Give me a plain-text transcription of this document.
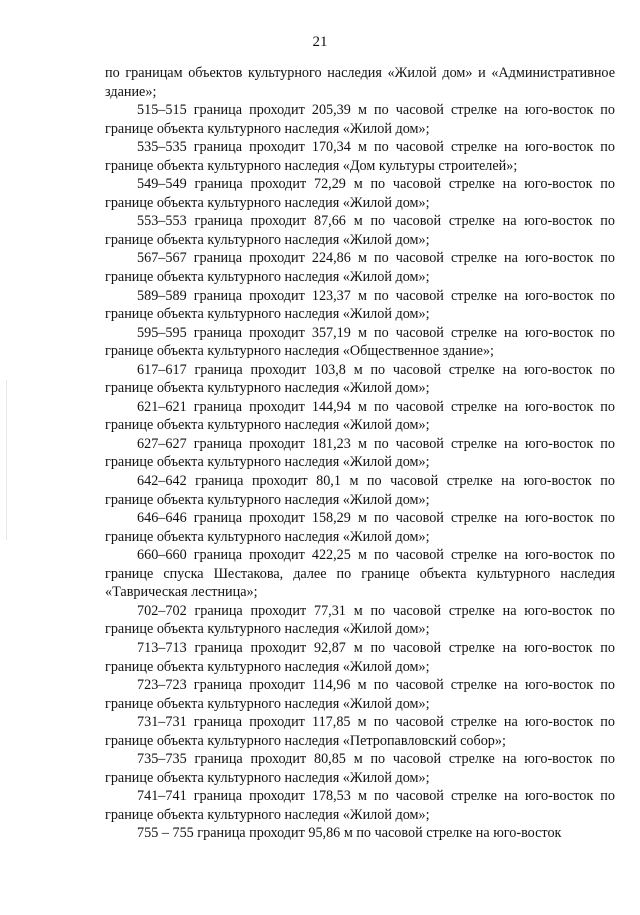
21

по границам объектов культурного наследия «Жилой дом» и «Административное здание»;

515–515 граница проходит 205,39 м по часовой стрелке на юго-восток по границе объекта культурного наследия «Жилой дом»;

535–535 граница проходит 170,34 м по часовой стрелке на юго-восток по границе объекта культурного наследия «Дом культуры строителей»;

549–549 граница проходит 72,29 м по часовой стрелке на юго-восток по границе объекта культурного наследия «Жилой дом»;

553–553 граница проходит 87,66 м по часовой стрелке на юго-восток по границе объекта культурного наследия «Жилой дом»;

567–567 граница проходит 224,86 м по часовой стрелке на юго-восток по границе объекта культурного наследия «Жилой дом»;

589–589 граница проходит 123,37 м по часовой стрелке на юго-восток по границе объекта культурного наследия «Жилой дом»;

595–595 граница проходит 357,19 м по часовой стрелке на юго-восток по границе объекта культурного наследия «Общественное здание»;

617–617 граница проходит 103,8 м по часовой стрелке на юго-восток по границе объекта культурного наследия «Жилой дом»;

621–621 граница проходит 144,94 м по часовой стрелке на юго-восток по границе объекта культурного наследия «Жилой дом»;

627–627 граница проходит 181,23 м по часовой стрелке на юго-восток по границе объекта культурного наследия «Жилой дом»;

642–642 граница проходит 80,1 м по часовой стрелке на юго-восток по границе объекта культурного наследия «Жилой дом»;

646–646 граница проходит 158,29 м по часовой стрелке на юго-восток по границе объекта культурного наследия «Жилой дом»;

660–660 граница проходит 422,25 м по часовой стрелке на юго-восток по границе спуска Шестакова, далее по границе объекта культурного наследия «Таврическая лестница»;

702–702 граница проходит 77,31 м по часовой стрелке на юго-восток по границе объекта культурного наследия «Жилой дом»;

713–713 граница проходит 92,87 м по часовой стрелке на юго-восток по границе объекта культурного наследия «Жилой дом»;

723–723 граница проходит 114,96 м по часовой стрелке на юго-восток по границе объекта культурного наследия «Жилой дом»;

731–731 граница проходит 117,85 м по часовой стрелке на юго-восток по границе объекта культурного наследия «Петропавловский собор»;

735–735 граница проходит 80,85 м по часовой стрелке на юго-восток по границе объекта культурного наследия «Жилой дом»;

741–741 граница проходит 178,53 м по часовой стрелке на юго-восток по границе объекта культурного наследия «Жилой дом»;

755 – 755 граница проходит 95,86 м по часовой стрелке на юго-восток
